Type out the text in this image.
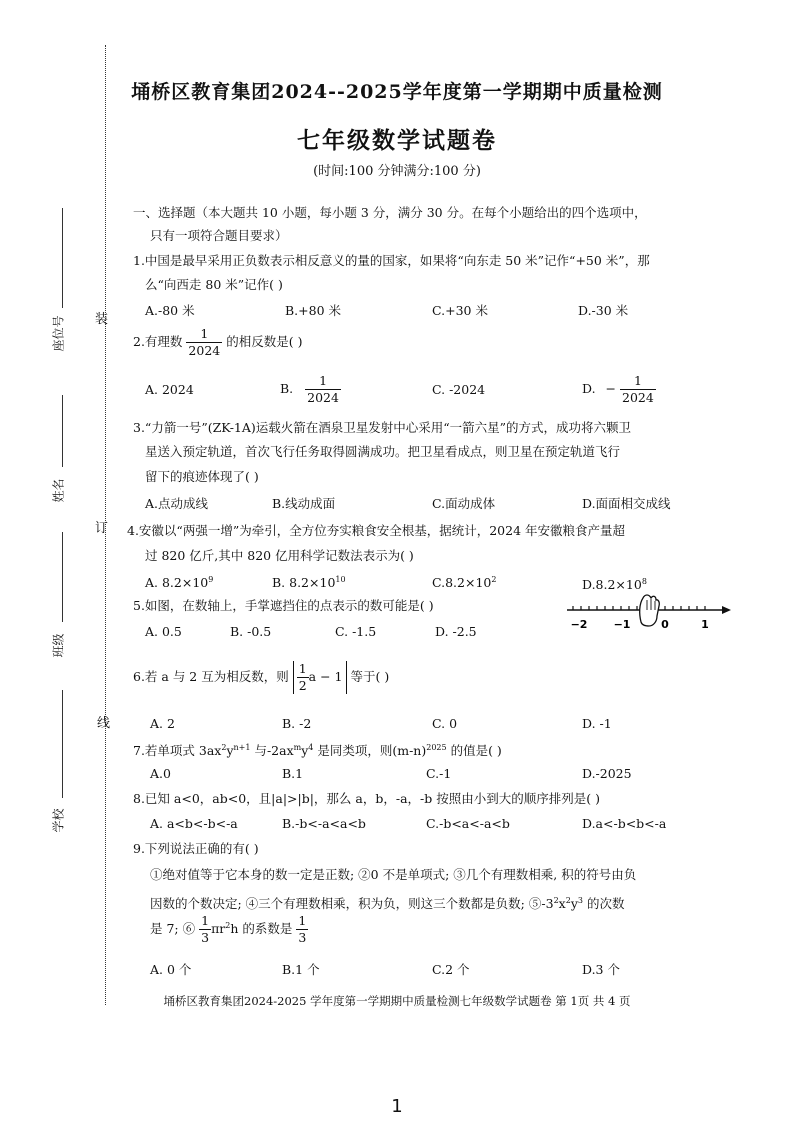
埇桥区教育集团2024--2025学年度第一学期期中质量检测
七年级数学试题卷
(时间:100 分钟满分:100 分)
装
订
线
座位号
姓名
班级
学校
一、选择题（本大题共 10 小题，每小题 3 分，满分 30 分。在每个小题给出的四个选项中，
只有一项符合题目要求）
1.中国是最早采用正负数表示相反意义的量的国家，如果将“向东走 50 米”记作“+50 米”，那
么“向西走 80 米”记作( )
A.-80 米	B.+80 米	C.+30 米	D.-30 米
2.有理数 $\frac{1}{2024}$ 的相反数是( )
A. 2024	B. $\frac{1}{2024}$	C. -2024	D. − $\frac{1}{2024}$
3.“力箭一号”(ZK-1A)运载火箭在酒泉卫星发射中心采用“一箭六星”的方式，成功将六颗卫
星送入预定轨道，首次飞行任务取得圆满成功。把卫星看成点，则卫星在预定轨道飞行
留下的痕迹体现了( )
A.点动成线	B.线动成面	C.面动成体	D.面面相交成线
4.安徽以“两强一增”为牵引，全方位夯实粮食安全根基，据统计，2024 年安徽粮食产量超
过 820 亿斤,其中 820 亿用科学记数法表示为( )
A. $8.2\times 10^9$	B. $8.2\times 10^{10}$	$C.8.2\times 10^2$	$D.8.2\times 10^8$
5.如图，在数轴上，手掌遮挡住的点表示的数可能是( )
A. 0.5	B. -0.5	C. -1.5	D. -2.5	−2 −1	0	1
6.若 a 与 2 互为相反数，则 $\frac{1}{2}$ a − 1 等于( )
A. 2	B. -2	C. 0	D. -1
7.若单项式 $3ax^2y^{n+1}$ 与$-2ax^my^4$ 是同类项，则$(m-n)^{2025}$ 的值是( )
A.0	B.1	C.-1	D.-2025
8.已知 a<0，ab<0，且|a|>|b|，那么 a，b，-a，-b 按照由小到大的顺序排列是( )
A. a<b<-b<-a	B.-b<-a<a<b	C.-b<a<-a<b	D.a<-b<b<-a
9.下列说法正确的有( )
①绝对值等于它本身的数一定是正数; ②0 不是单项式; ③几个有理数相乘, 积的符号由负
因数的个数决定; ④三个有理数相乘，积为负，则这三个数都是负数; $⑤-3^2x^2y^3$ 的次数
是 7; ⑥ $\frac{1}{3} \pi r^2h$ 的系数是 $\frac{1}{3}$
A. 0 个	B.1 个	C.2 个	D.3 个
埇桥区教育集团2024-2025 学年度第一学期期中质量检测七年级数学试题卷 第 1页 共 4 页
1
